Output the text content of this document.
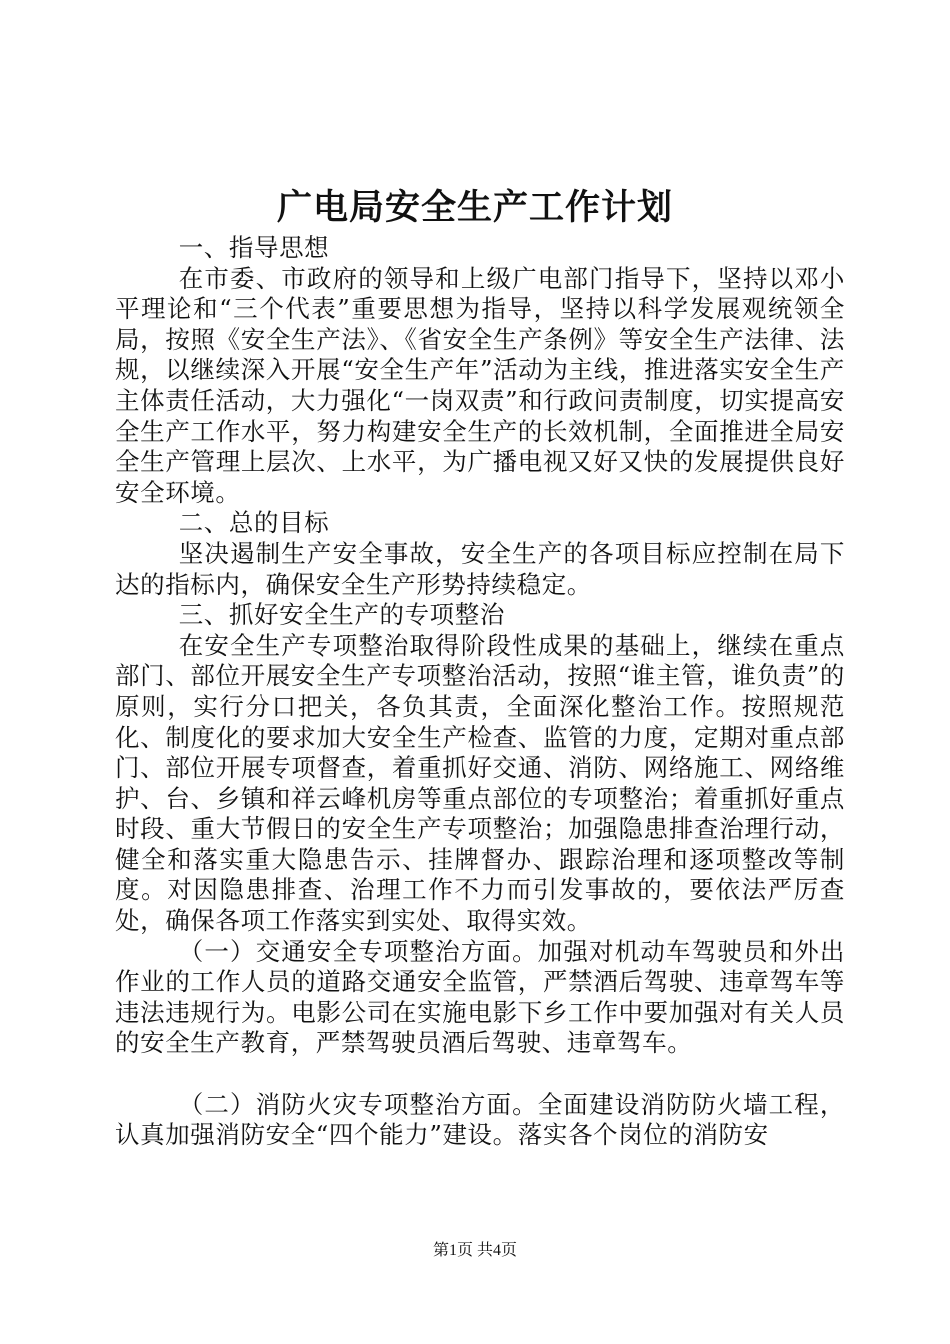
广电局安全生产工作计划

一、指导思想

在市委、市政府的领导和上级广电部门指导下，坚持以邓小平理论和“三个代表”重要思想为指导，坚持以科学发展观统领全局，按照《安全生产法》、《省安全生产条例》等安全生产法律、法规，以继续深入开展“安全生产年”活动为主线，推进落实安全生产主体责任活动，大力强化“一岗双责”和行政问责制度，切实提高安全生产工作水平，努力构建安全生产的长效机制，全面推进全局安全生产管理上层次、上水平，为广播电视又好又快的发展提供良好安全环境。

二、总的目标

坚决遏制生产安全事故，安全生产的各项目标应控制在局下达的指标内，确保安全生产形势持续稳定。

三、抓好安全生产的专项整治

在安全生产专项整治取得阶段性成果的基础上，继续在重点部门、部位开展安全生产专项整治活动，按照“谁主管，谁负责”的原则，实行分口把关，各负其责，全面深化整治工作。按照规范化、制度化的要求加大安全生产检查、监管的力度，定期对重点部门、部位开展专项督查，着重抓好交通、消防、网络施工、网络维护、台、乡镇和祥云峰机房等重点部位的专项整治；着重抓好重点时段、重大节假日的安全生产专项整治；加强隐患排查治理行动，健全和落实重大隐患告示、挂牌督办、跟踪治理和逐项整改等制度。对因隐患排查、治理工作不力而引发事故的，要依法严厉查处，确保各项工作落实到实处、取得实效。

（一）交通安全专项整治方面。加强对机动车驾驶员和外出作业的工作人员的道路交通安全监管，严禁酒后驾驶、违章驾车等违法违规行为。电影公司在实施电影下乡工作中要加强对有关人员的安全生产教育，严禁驾驶员酒后驾驶、违章驾车。

（二）消防火灾专项整治方面。全面建设消防防火墙工程，认真加强消防安全“四个能力”建设。落实各个岗位的消防安

第1页 共4页
